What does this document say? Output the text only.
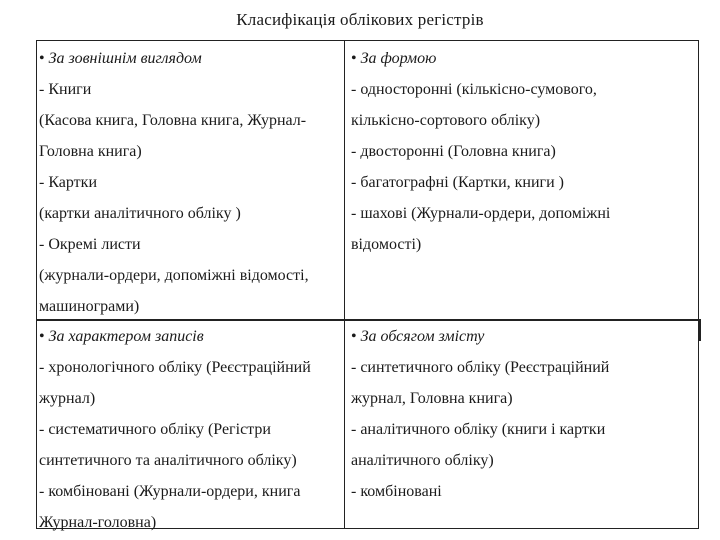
Класифікація облікових регістрів
• За зовнішнім виглядом
- Книги
(Касова книга, Головна книга, Журнал-
Головна книга)
- Картки
(картки аналітичного обліку )
- Окремі листи
(журнали-ордери, допоміжні відомості,
машинограми)
• За формою
- односторонні (кількісно-сумового,
кількісно-сортового обліку)
- двосторонні (Головна книга)
- багатографні (Картки, книги )
- шахові (Журнали-ордери, допоміжні
відомості)
• За характером записів
- хронологічного обліку (Реєстраційний
журнал)
- систематичного обліку (Регістри
синтетичного та аналітичного обліку)
- комбіновані (Журнали-ордери, книга
Журнал-головна)
• За обсягом змісту
- синтетичного обліку (Реєстраційний
журнал, Головна книга)
- аналітичного обліку (книги і картки
аналітичного обліку)
- комбіновані
